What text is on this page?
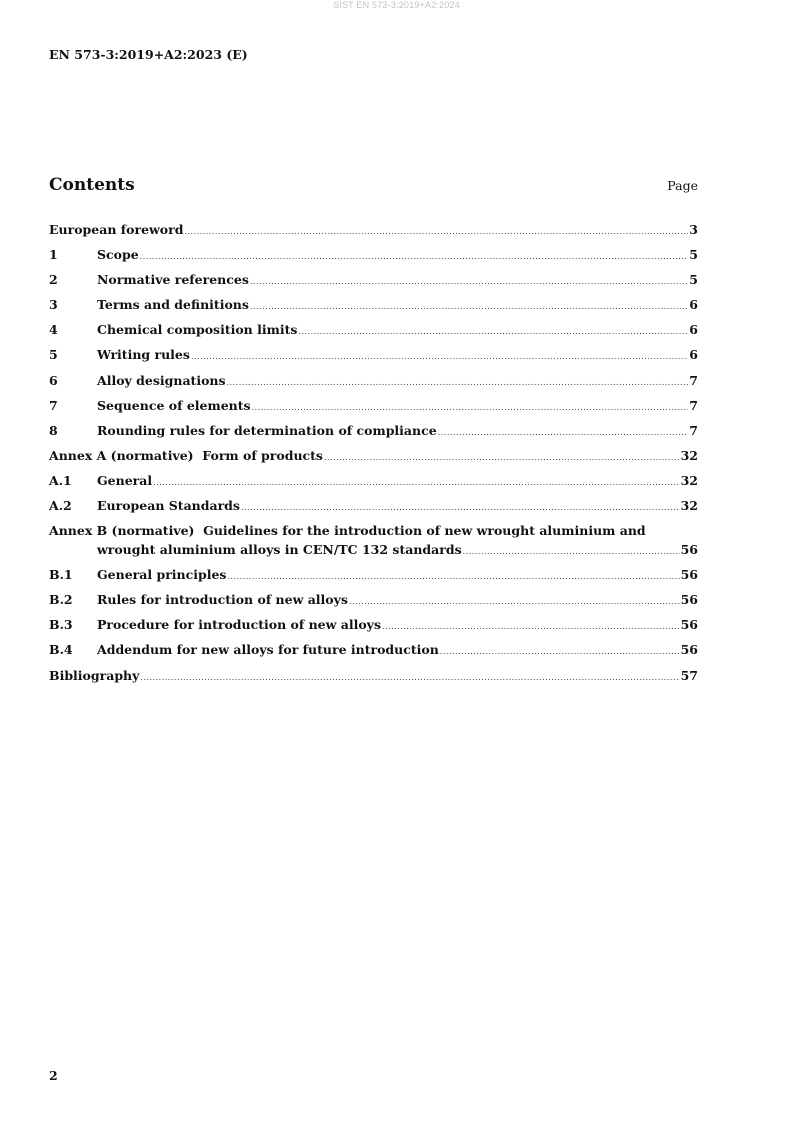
SIST EN 573-3:2019+A2:2024
EN 573-3:2019+A2:2023 (E)
Contents	Page
European foreword .....	3
1	Scope .....	5
2	Normative references .....	5
3	Terms and definitions .....	6
4	Chemical composition limits .....	6
5	Writing rules .....	6
6	Alloy designations .....	7
7	Sequence of elements .....	7
8	Rounding rules for determination of compliance .....	7
Annex A (normative)  Form of products .....	32
A.1	General .....	32
A.2	European Standards .....	32
Annex B (normative)  Guidelines for the introduction of new wrought aluminium and
wrought aluminium alloys in CEN/TC 132 standards .....	56
B.1	General principles .....	56
B.2	Rules for introduction of new alloys .....	56
B.3	Procedure for introduction of new alloys .....	56
B.4	Addendum for new alloys for future introduction .....	56
Bibliography .....	57
2
